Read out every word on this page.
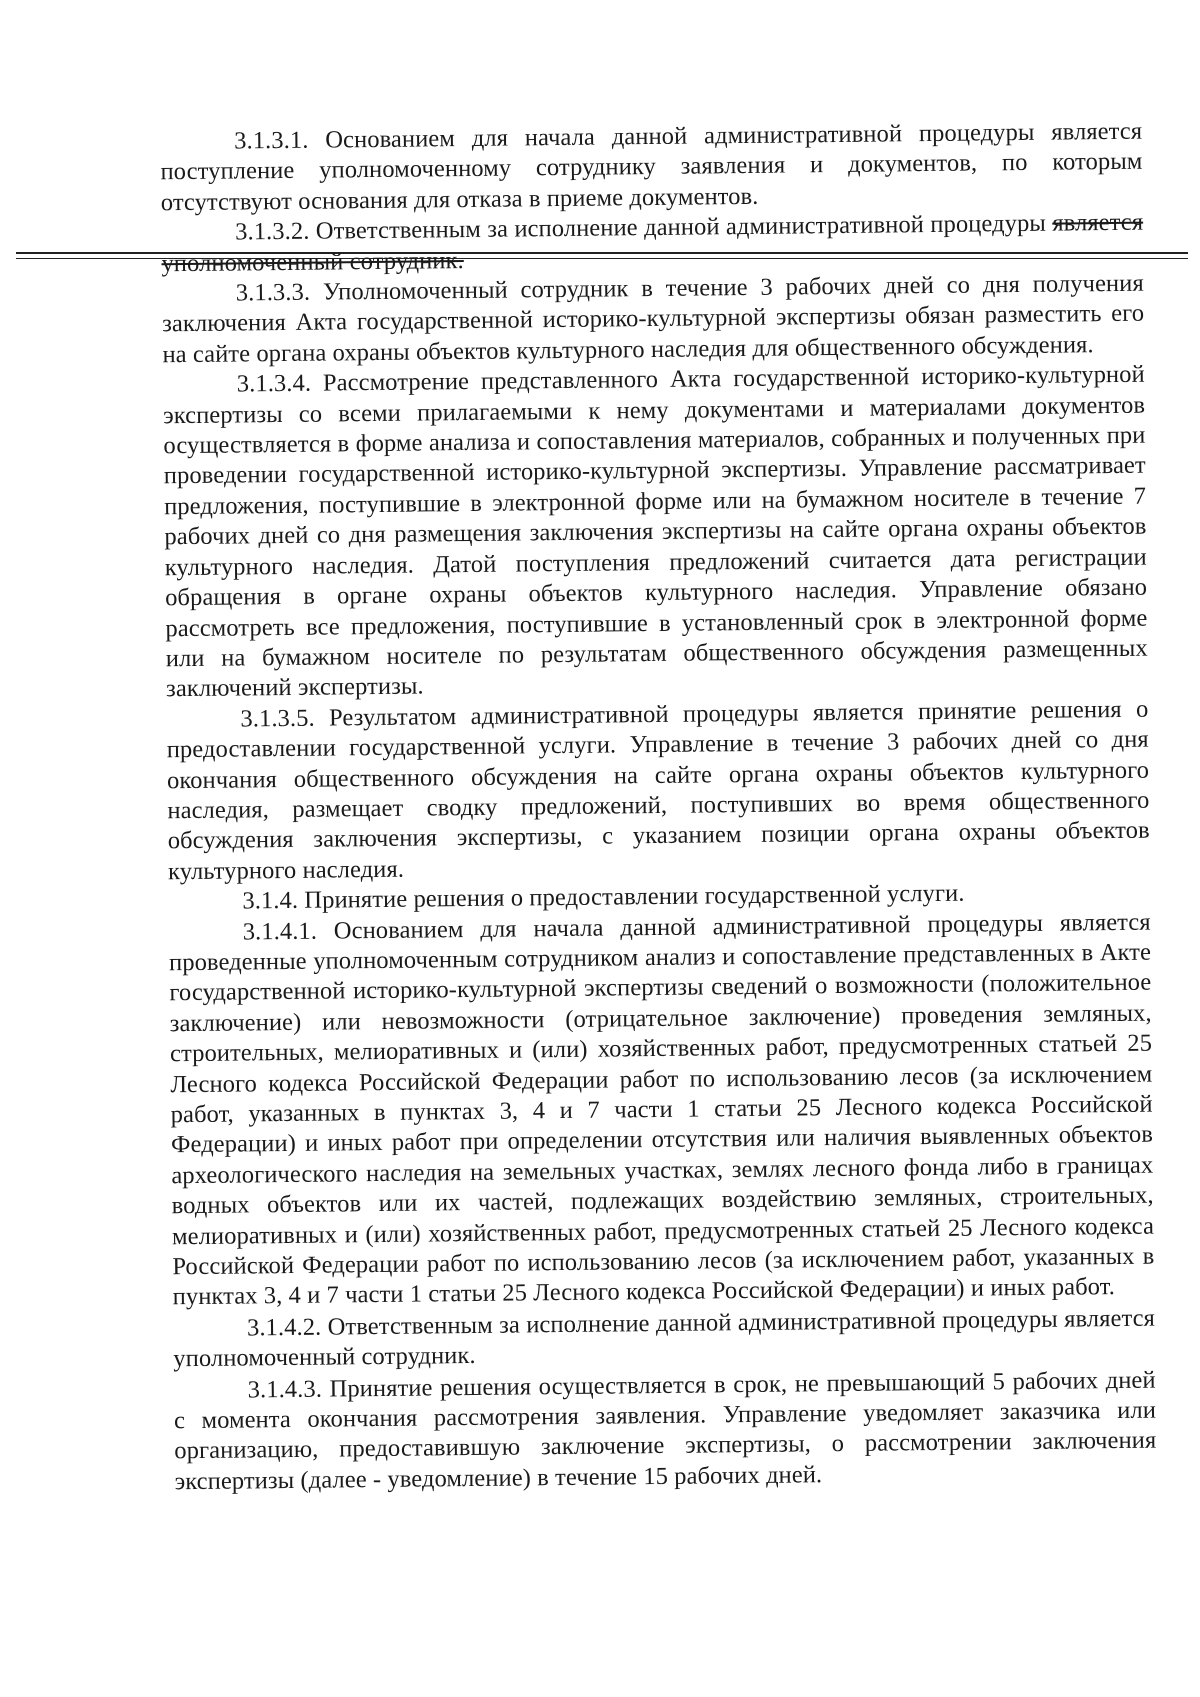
3.1.3.1. Основанием для начала данной административной процедуры является поступление уполномоченному сотруднику заявления и документов, по которым отсутствуют основания для отказа в приеме документов.

3.1.3.2. Ответственным за исполнение данной административной процедуры является уполномоченный сотрудник.

3.1.3.3. Уполномоченный сотрудник в течение 3 рабочих дней со дня получения заключения Акта государственной историко-культурной экспертизы обязан разместить его на сайте органа охраны объектов культурного наследия для общественного обсуждения.

3.1.3.4. Рассмотрение представленного Акта государственной историко-культурной экспертизы со всеми прилагаемыми к нему документами и материалами документов осуществляется в форме анализа и сопоставления материалов, собранных и полученных при проведении государственной историко-культурной экспертизы. Управление рассматривает предложения, поступившие в электронной форме или на бумажном носителе в течение 7 рабочих дней со дня размещения заключения экспертизы на сайте органа охраны объектов культурного наследия. Датой поступления предложений считается дата регистрации обращения в органе охраны объектов культурного наследия. Управление обязано рассмотреть все предложения, поступившие в установленный срок в электронной форме или на бумажном носителе по результатам общественного обсуждения размещенных заключений экспертизы.

3.1.3.5. Результатом административной процедуры является принятие решения о предоставлении государственной услуги. Управление в течение 3 рабочих дней со дня окончания общественного обсуждения на сайте органа охраны объектов культурного наследия, размещает сводку предложений, поступивших во время общественного обсуждения заключения экспертизы, с указанием позиции органа охраны объектов культурного наследия.

3.1.4. Принятие решения о предоставлении государственной услуги.

3.1.4.1. Основанием для начала данной административной процедуры является проведенные уполномоченным сотрудником анализ и сопоставление представленных в Акте государственной историко-культурной экспертизы сведений о возможности (положительное заключение) или невозможности (отрицательное заключение) проведения земляных, строительных, мелиоративных и (или) хозяйственных работ, предусмотренных статьей 25 Лесного кодекса Российской Федерации работ по использованию лесов (за исключением работ, указанных в пунктах 3, 4 и 7 части 1 статьи 25 Лесного кодекса Российской Федерации) и иных работ при определении отсутствия или наличия выявленных объектов археологического наследия на земельных участках, землях лесного фонда либо в границах водных объектов или их частей, подлежащих воздействию земляных, строительных, мелиоративных и (или) хозяйственных работ, предусмотренных статьей 25 Лесного кодекса Российской Федерации работ по использованию лесов (за исключением работ, указанных в пунктах 3, 4 и 7 части 1 статьи 25 Лесного кодекса Российской Федерации) и иных работ.

3.1.4.2. Ответственным за исполнение данной административной процедуры является уполномоченный сотрудник.

3.1.4.3. Принятие решения осуществляется в срок, не превышающий 5 рабочих дней с момента окончания рассмотрения заявления. Управление уведомляет заказчика или организацию, предоставившую заключение экспертизы, о рассмотрении заключения экспертизы (далее - уведомление) в течение 15 рабочих дней.
